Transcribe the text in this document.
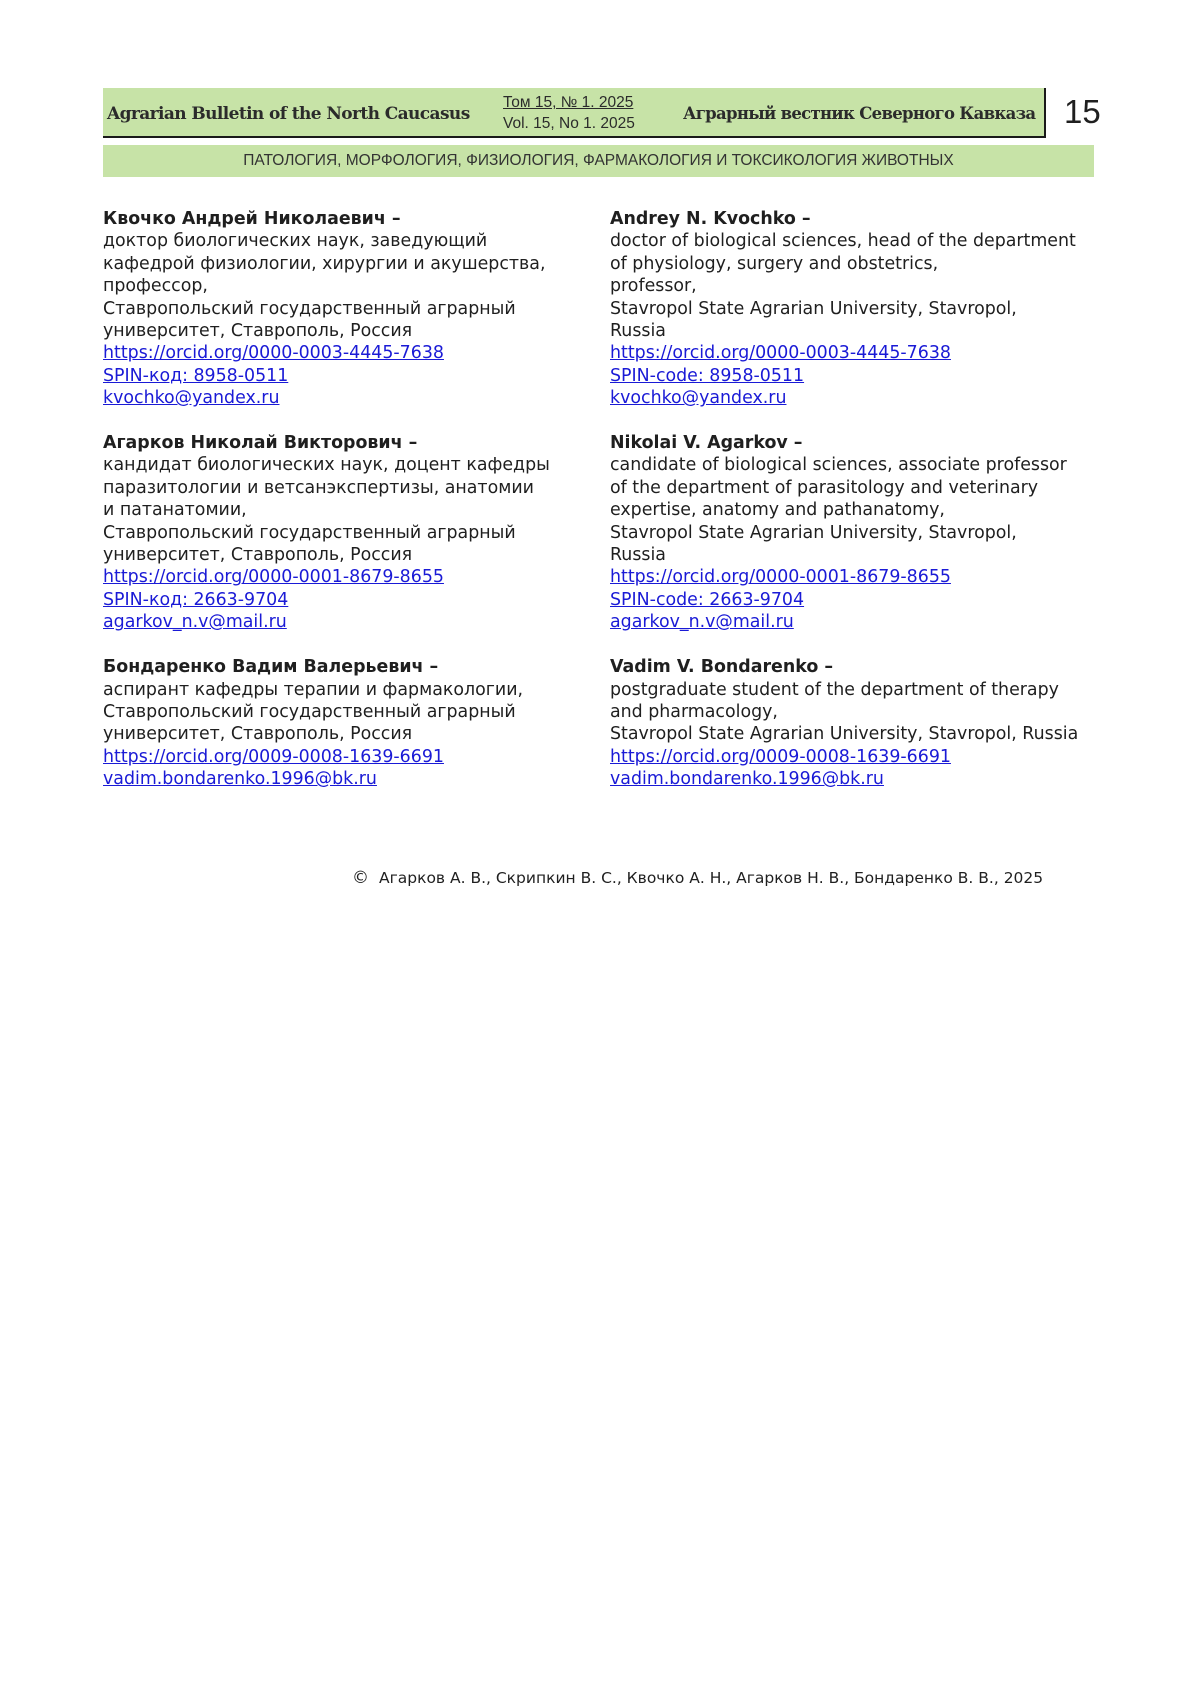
Agrarian Bulletin of the North Caucasus
Том 15, № 1. 2025
Vol. 15, No 1. 2025
Аграрный вестник Северного Кавказа 15
ПАТОЛОГИЯ, МОРФОЛОГИЯ, ФИЗИОЛОГИЯ, ФАРМАКОЛОГИЯ И ТОКСИКОЛОГИЯ ЖИВОТНЫХ
Квочко Андрей Николаевич –
доктор биологических наук, заведующий
кафедрой физиологии, хирургии и акушерства,
профессор,
Ставропольский государственный аграрный
университет, Ставрополь, Россия
https://orcid.org/0000-0003-4445-7638
SPIN-код: 8958-0511
kvochko@yandex.ru
Агарков Николай Викторович –
кандидат биологических наук, доцент кафедры
паразитологии и ветсанэкспертизы, анатомии
и патанатомии,
Ставропольский государственный аграрный
университет, Ставрополь, Россия
https://orcid.org/0000-0001-8679-8655
SPIN-код: 2663-9704
agarkov_n.v@mail.ru
Бондаренко Вадим Валерьевич –
аспирант кафедры терапии и фармакологии,
Ставропольский государственный аграрный
университет, Ставрополь, Россия
https://orcid.org/0009-0008-1639-6691
vadim.bondarenko.1996@bk.ru
Andrey N. Kvochko –
doctor of biological sciences, head of the department
of physiology, surgery and obstetrics,
professor,
Stavropol State Agrarian University, Stavropol,
Russia
https://orcid.org/0000-0003-4445-7638
SPIN-code: 8958-0511
kvochko@yandex.ru
Nikolai V. Agarkov –
candidate of biological sciences, associate professor
of the department of parasitology and veterinary
expertise, anatomy and pathanatomy,
Stavropol State Agrarian University, Stavropol,
Russia
https://orcid.org/0000-0001-8679-8655
SPIN-code: 2663-9704
agarkov_n.v@mail.ru
Vadim V. Bondarenko –
postgraduate student of the department of therapy
and pharmacology,
Stavropol State Agrarian University, Stavropol, Russia
https://orcid.org/0009-0008-1639-6691
vadim.bondarenko.1996@bk.ru
© Агарков А. В., Скрипкин В. С., Квочко А. Н., Агарков Н. В., Бондаренко В. В., 2025
